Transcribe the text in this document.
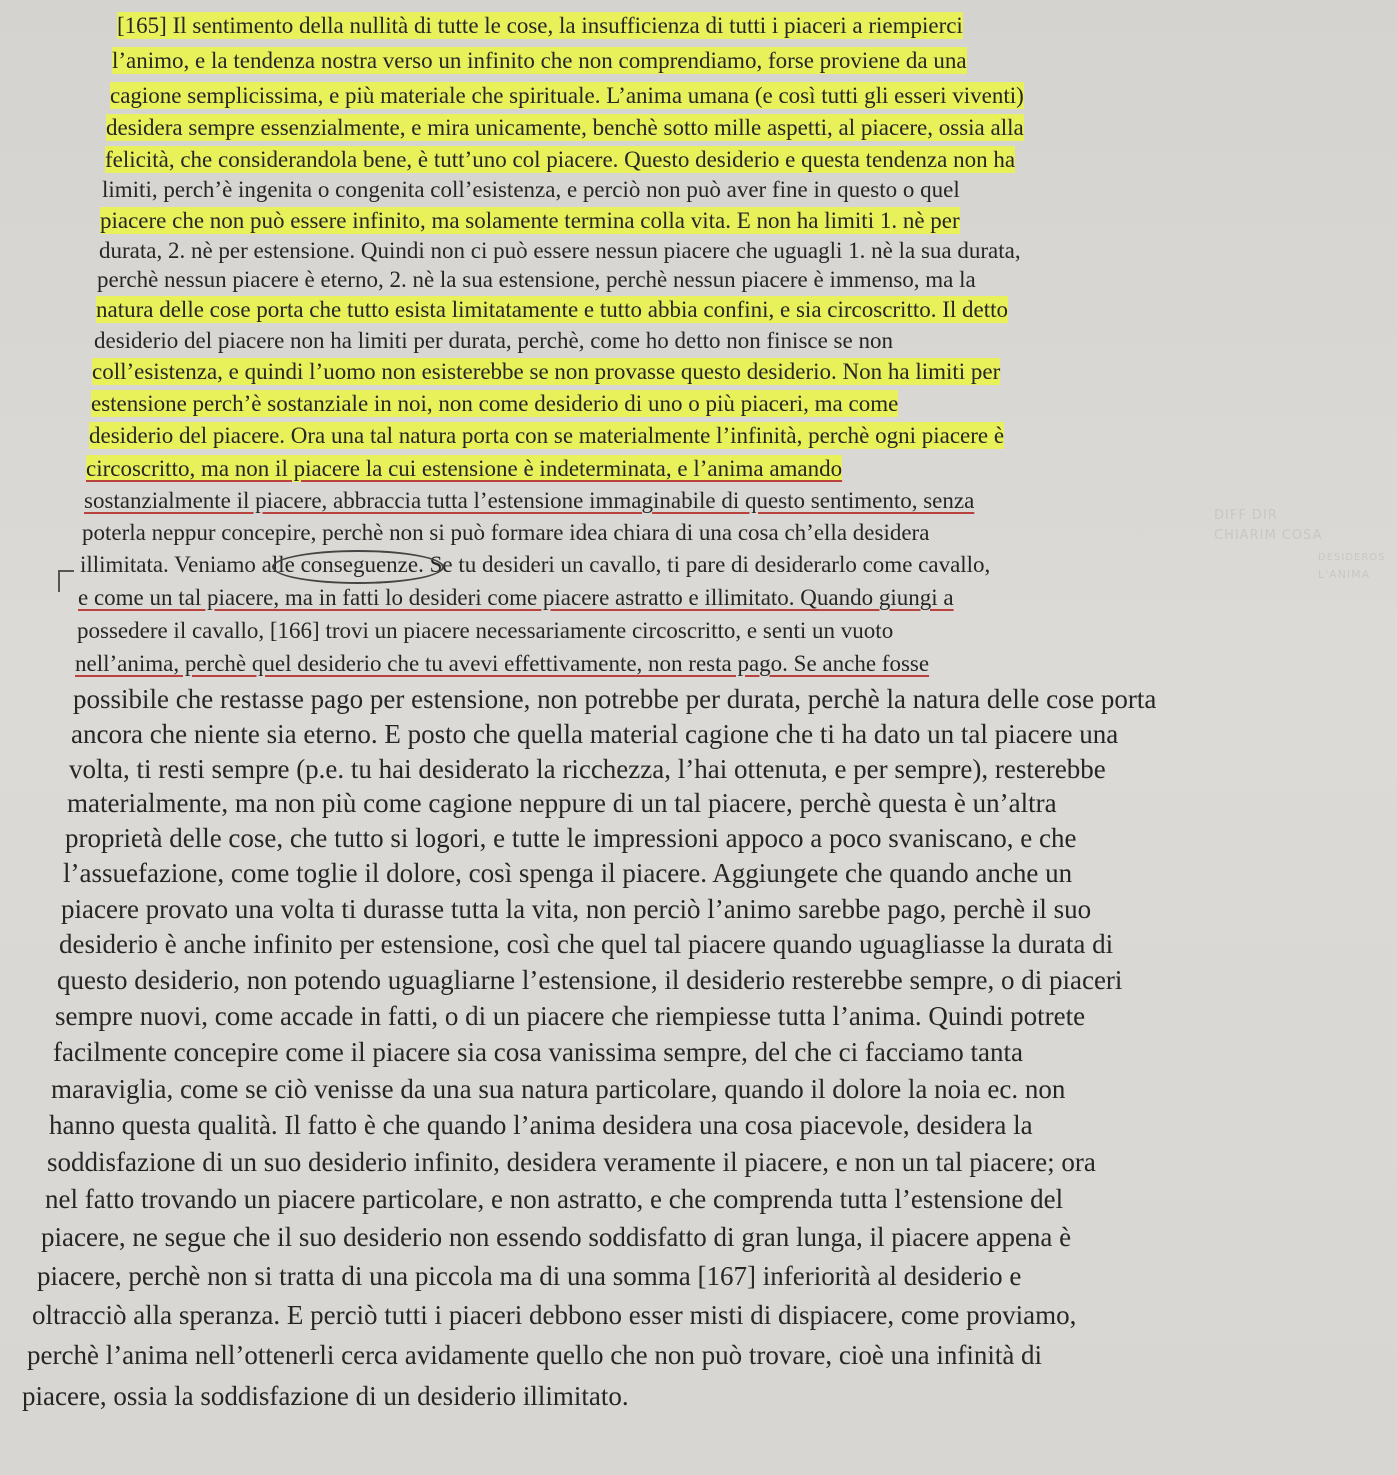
[165] Il sentimento della nullità di tutte le cose, la insufficienza di tutti i piaceri a riempierci
l’animo, e la tendenza nostra verso un infinito che non comprendiamo, forse proviene da una
cagione semplicissima, e più materiale che spirituale. L’anima umana (e così tutti gli esseri viventi)
desidera sempre essenzialmente, e mira unicamente, benchè sotto mille aspetti, al piacere, ossia alla
felicità, che considerandola bene, è tutt’uno col piacere. Questo desiderio e questa tendenza non ha
limiti, perch’è ingenita o congenita coll’esistenza, e perciò non può aver fine in questo o quel
piacere che non può essere infinito, ma solamente termina colla vita. E non ha limiti 1. nè per
durata, 2. nè per estensione. Quindi non ci può essere nessun piacere che uguagli 1. nè la sua durata,
perchè nessun piacere è eterno, 2. nè la sua estensione, perchè nessun piacere è immenso, ma la
natura delle cose porta che tutto esista limitatamente e tutto abbia confini, e sia circoscritto. Il detto
desiderio del piacere non ha limiti per durata, perchè, come ho detto non finisce se non
coll’esistenza, e quindi l’uomo non esisterebbe se non provasse questo desiderio. Non ha limiti per
estensione perch’è sostanziale in noi, non come desiderio di uno o più piaceri, ma come
desiderio del piacere. Ora una tal natura porta con se materialmente l’infinità, perchè ogni piacere è
circoscritto, ma non il piacere la cui estensione è indeterminata, e l’anima amando
sostanzialmente il piacere, abbraccia tutta l’estensione immaginabile di questo sentimento, senza
poterla neppur concepire, perchè non si può formare idea chiara di una cosa ch’ella desidera
illimitata. Veniamo alle conseguenze. Se tu desideri un cavallo, ti pare di desiderarlo come cavallo,
e come un tal piacere, ma in fatti lo desideri come piacere astratto e illimitato. Quando giungi a
possedere il cavallo, [166] trovi un piacere necessariamente circoscritto, e senti un vuoto
nell’anima, perchè quel desiderio che tu avevi effettivamente, non resta pago. Se anche fosse
possibile che restasse pago per estensione, non potrebbe per durata, perchè la natura delle cose porta
ancora che niente sia eterno. E posto che quella material cagione che ti ha dato un tal piacere una
volta, ti resti sempre (p.e. tu hai desiderato la ricchezza, l’hai ottenuta, e per sempre), resterebbe
materialmente, ma non più come cagione neppure di un tal piacere, perchè questa è un’altra
proprietà delle cose, che tutto si logori, e tutte le impressioni appoco a poco svaniscano, e che
l’assuefazione, come toglie il dolore, così spenga il piacere. Aggiungete che quando anche un
piacere provato una volta ti durasse tutta la vita, non perciò l’animo sarebbe pago, perchè il suo
desiderio è anche infinito per estensione, così che quel tal piacere quando uguagliasse la durata di
questo desiderio, non potendo uguagliarne l’estensione, il desiderio resterebbe sempre, o di piaceri
sempre nuovi, come accade in fatti, o di un piacere che riempiesse tutta l’anima. Quindi potrete
facilmente concepire come il piacere sia cosa vanissima sempre, del che ci facciamo tanta
maraviglia, come se ciò venisse da una sua natura particolare, quando il dolore la noia ec. non
hanno questa qualità. Il fatto è che quando l’anima desidera una cosa piacevole, desidera la
soddisfazione di un suo desiderio infinito, desidera veramente il piacere, e non un tal piacere; ora
nel fatto trovando un piacere particolare, e non astratto, e che comprenda tutta l’estensione del
piacere, ne segue che il suo desiderio non essendo soddisfatto di gran lunga, il piacere appena è
piacere, perchè non si tratta di una piccola ma di una somma [167] inferiorità al desiderio e
oltracciò alla speranza. E perciò tutti i piaceri debbono esser misti di dispiacere, come proviamo,
perchè l’anima nell’ottenerli cerca avidamente quello che non può trovare, cioè una infinità di
piacere, ossia la soddisfazione di un desiderio illimitato.
DIFF DIR
CHIARIM COSA
DESIDEROS
L'ANIMA
